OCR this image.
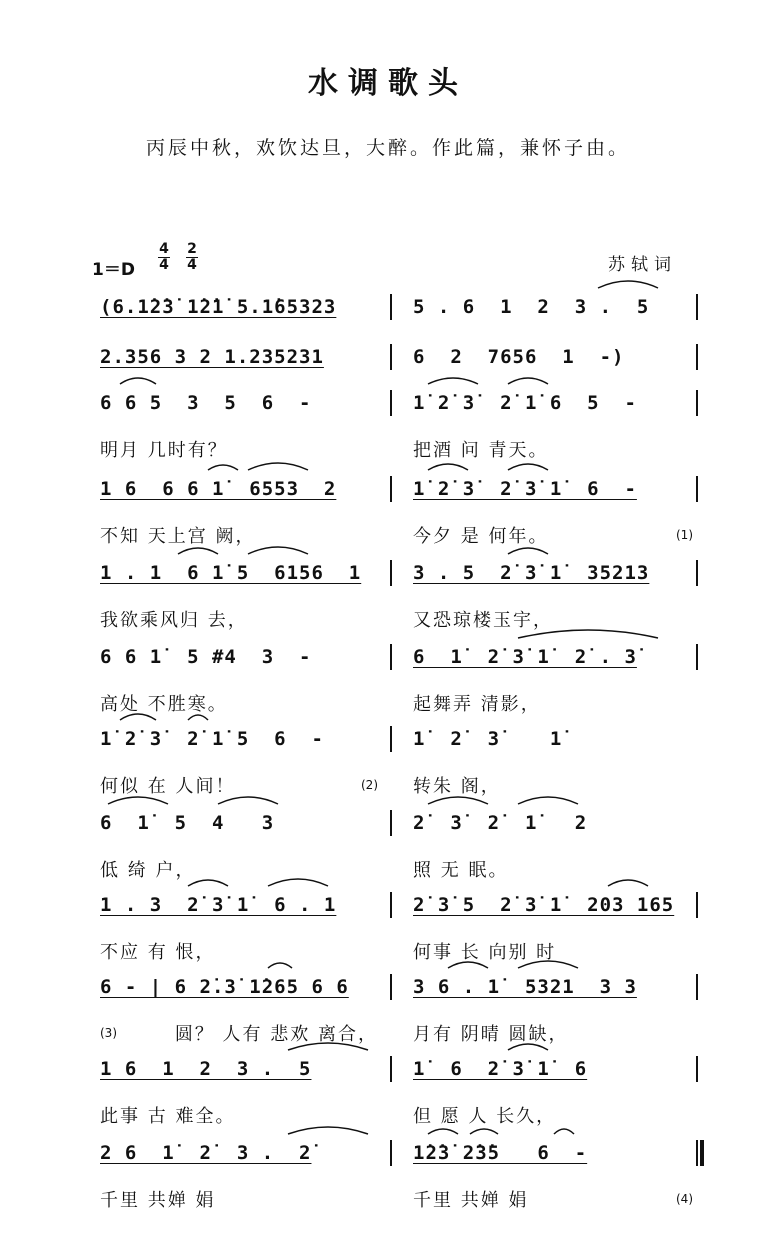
水调歌头
丙辰中秋，欢饮达旦，大醉。作此篇，兼怀子由。
1＝D
4
4
2
4	苏轼词
(6.1̇2̇3̇ 1̇2̇1̇ 5.1̇65323	5 . 6  1  2  3 .  5
2.356 3 2 1.235231	6  2  7656  1  -)
6 6 5  3  5  6  -	1̇ 2̇ 3̇  2̇ 1̇ 6  5  -
明月 几时有？	把酒 问 青天。
1 6  6 6 1̇  6553  2	1̇ 2̇ 3̇  2̇ 3̇ 1̇  6  -
不知 天上宫 阙，	今夕 是 何年。	(1)
1 . 1  6 1̇ 5  6156  1	3 . 5  2̇ 3̇ 1̇  35213
我欲乘风归 去，	又恐琼楼玉宇，
6 6 1̇  5 #4  3  -	6  1̇  2̇ 3̇ 1̇  2̇ . 3̇
高处 不胜寒。	起舞弄 清影，
1̇ 2̇ 3̇  2̇ 1̇ 5  6  -	1̇  2̇  3̇    1̇
何似 在 人间！	(2) 转朱 阁，
6  1̇  5  4   3	2̇  3̇  2̇  1̇   2
低 绮 户，	照 无 眠。
1 . 3  2̇ 3̇ 1̇  6 . 1	2̇ 3̇ 5  2̇ 3̇ 1̇  203 165
不应 有 恨，	何事 长 向别 时
6 - | 6 2̇.3̇ 1̇265 6 6	3 6 . 1̇  5321  3 3
(3)	圆？ 人有 悲欢 离合， 月有 阴晴 圆缺，
1 6  1  2  3 .  5	1̇  6  2̇ 3̇ 1̇  6
此事 古 难全。	但 愿 人 长久，
2 6  1̇  2̇  3 .  2̇	1̇2̇3̇ 2̇3̇5   6  -
千里 共婵 娟	千里 共婵 娟	(4)
